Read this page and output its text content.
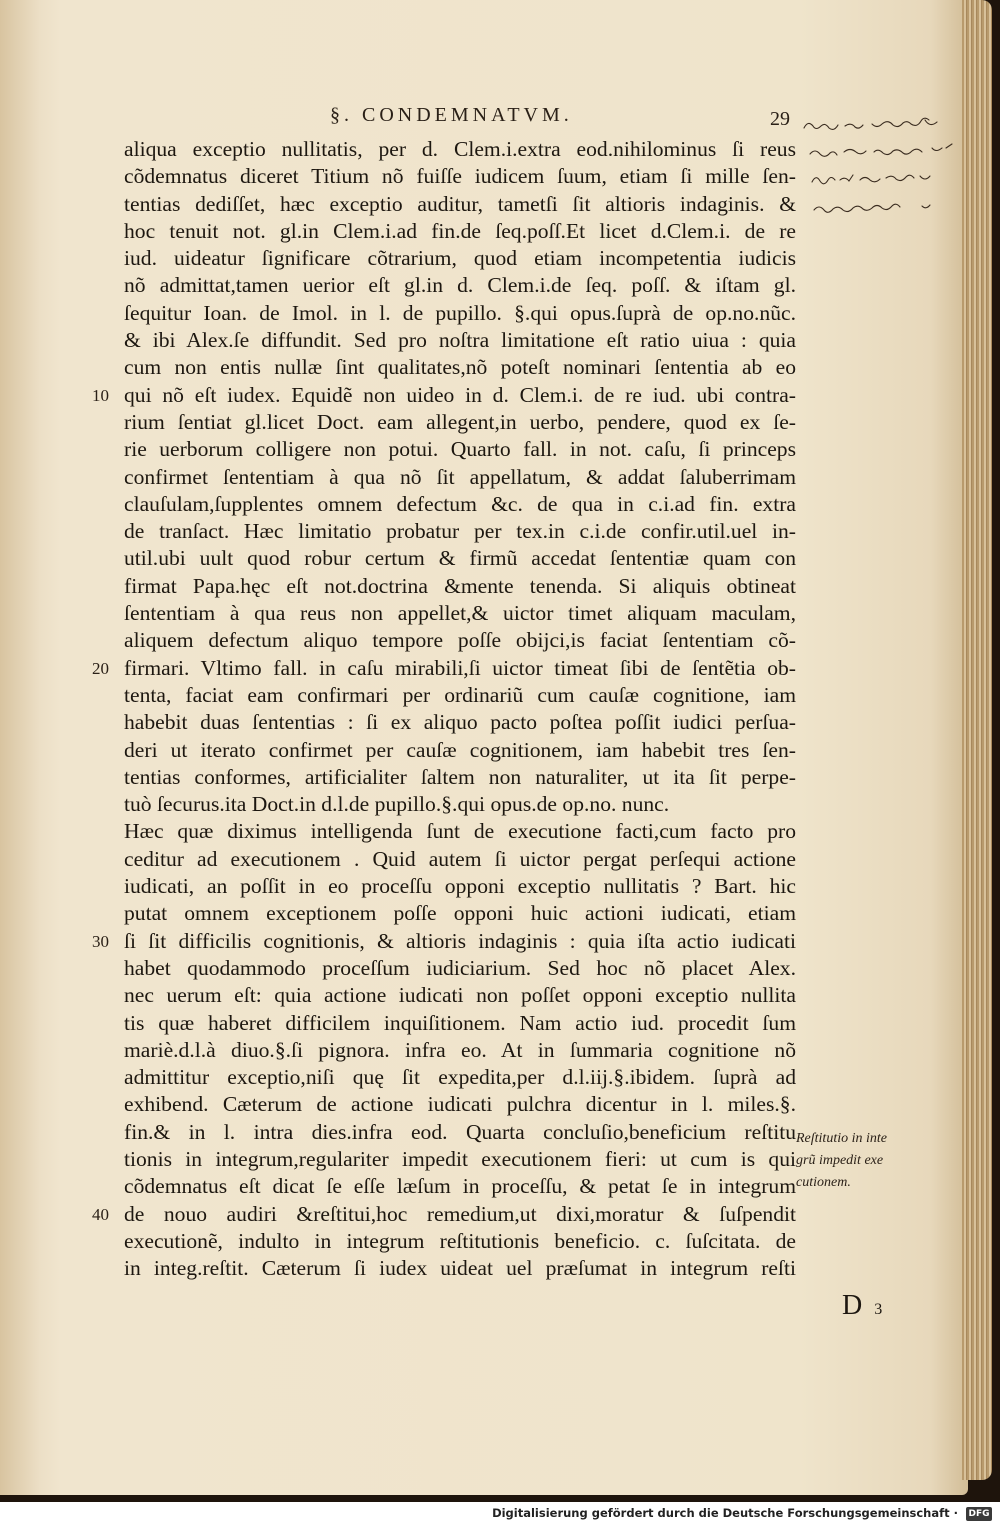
§. CONDEMNATVM.	29
10
20
30
40
aliqua exceptio nullitatis, per d. Clem.i.extra eod.nihilominus ſi reus
cõdemnatus diceret Titium nõ fuiſſe iudicem ſuum, etiam ſi mille ſen-
tentias dediſſet, hæc exceptio auditur, tametſi ſit altioris indaginis. &
hoc tenuit not. gl.in Clem.i.ad fin.de ſeq.poſſ.Et licet d.Clem.i. de re
iud. uideatur ſignificare cõtrarium, quod etiam incompetentia iudicis
nõ admittat,tamen uerior eſt gl.in d. Clem.i.de ſeq. poſſ. & iſtam gl.
ſequitur Ioan. de Imol. in l. de pupillo. §.qui opus.ſuprà de op.no.nũc.
& ibi Alex.ſe diffundit. Sed pro noſtra limitatione eſt ratio uiua : quia
cum non entis nullæ ſint qualitates,nõ poteſt nominari ſententia ab eo
qui nõ eſt iudex. Equidẽ non uideo in d. Clem.i. de re iud. ubi contra-
rium ſentiat gl.licet Doct. eam allegent,in uerbo, pendere, quod ex ſe-
rie uerborum colligere non potui. Quarto fall. in not. caſu, ſi princeps
confirmet ſententiam à qua nõ ſit appellatum, & addat ſaluberrimam
clauſulam,ſupplentes omnem defectum &c. de qua in c.i.ad fin. extra
de tranſact. Hæc limitatio probatur per tex.in c.i.de confir.util.uel in-
util.ubi uult quod robur certum & firmũ accedat ſententiæ quam con
firmat Papa.hęc eſt not.doctrina &mente tenenda. Si aliquis obtineat
ſententiam à qua reus non appellet,& uictor timet aliquam maculam,
aliquem defectum aliquo tempore poſſe obijci,is faciat ſententiam cõ-
firmari. Vltimo fall. in caſu mirabili,ſi uictor timeat ſibi de ſentẽtia ob-
tenta, faciat eam confirmari per ordinariũ cum cauſæ cognitione, iam
habebit duas ſententias : ſi ex aliquo pacto poſtea poſſit iudici perſua-
deri ut iterato confirmet per cauſæ cognitionem, iam habebit tres ſen-
tentias conformes, artificialiter ſaltem non naturaliter, ut ita ſit perpe-
tuò ſecurus.ita Doct.in d.l.de pupillo.§.qui opus.de op.no. nunc.
Hæc quæ diximus intelligenda ſunt de executione facti,cum facto pro
ceditur ad executionem . Quid autem ſi uictor pergat perſequi actione
iudicati, an poſſit in eo proceſſu opponi exceptio nullitatis ? Bart. hic
putat omnem exceptionem poſſe opponi huic actioni iudicati, etiam
ſi ſit difficilis cognitionis, & altioris indaginis : quia iſta actio iudicati
habet quodammodo proceſſum iudiciarium. Sed hoc nõ placet Alex.
nec uerum eſt: quia actione iudicati non poſſet opponi exceptio nullita
tis quæ haberet difficilem inquiſitionem. Nam actio iud. procedit ſum
mariè.d.l.à diuo.§.ſi pignora. infra eo. At in ſummaria cognitione nõ
admittitur exceptio,niſi quę ſit expedita,per d.l.iij.§.ibidem. ſuprà ad
exhibend. Cæterum de actione iudicati pulchra dicentur in l. miles.§.
fin.& in l. intra dies.infra eod. Quarta concluſio,beneficium reſtitu
tionis in integrum,regulariter impedit executionem fieri: ut cum is qui
cõdemnatus eſt dicat ſe eſſe læſum in proceſſu, & petat ſe in integrum
de nouo audiri &reſtitui,hoc remedium,ut dixi,moratur & ſuſpendit
executionẽ, indulto in integrum reſtitutionis beneficio. c. ſuſcitata. de
in integ.reſtit. Cæterum ſi iudex uideat uel præſumat in integrum reſti
Reſtitutio in inte
grũ impedit exe
cutionem.
D 3
Digitalisierung gefördert durch die Deutsche Forschungsgemeinschaft · DFG
